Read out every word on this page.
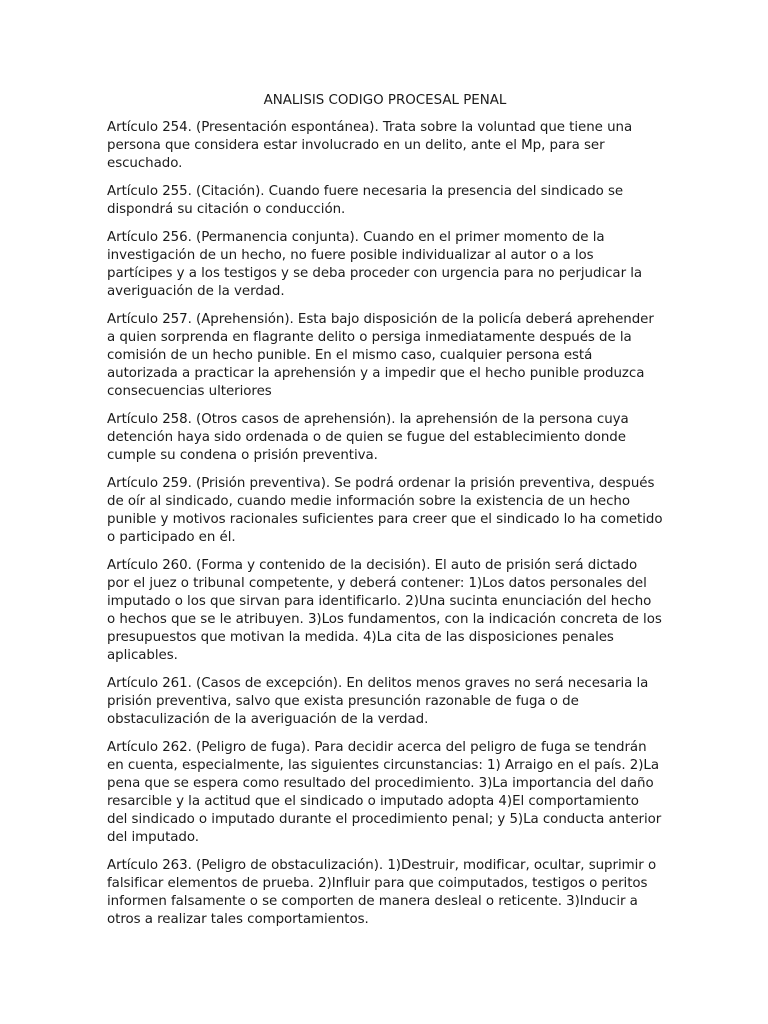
ANALISIS CODIGO PROCESAL PENAL

Artículo 254. (Presentación espontánea). Trata sobre la voluntad que tiene una persona que considera estar involucrado en un delito, ante el Mp, para ser escuchado.

Artículo 255. (Citación). Cuando fuere necesaria la presencia del sindicado se dispondrá su citación o conducción.

Artículo 256. (Permanencia conjunta). Cuando en el primer momento de la investigación de un hecho, no fuere posible individualizar al autor o a los partícipes y a los testigos y se deba proceder con urgencia para no perjudicar la averiguación de la verdad.

Artículo 257. (Aprehensión). Esta bajo disposición de la policía deberá aprehender a quien sorprenda en flagrante delito o persiga inmediatamente después de la comisión de un hecho punible. En el mismo caso, cualquier persona está autorizada a practicar la aprehensión y a impedir que el hecho punible produzca consecuencias ulteriores

Artículo 258. (Otros casos de aprehensión). la aprehensión de la persona cuya detención haya sido ordenada o de quien se fugue del establecimiento donde cumple su condena o prisión preventiva.

Artículo 259. (Prisión preventiva). Se podrá ordenar la prisión preventiva, después de oír al sindicado, cuando medie información sobre la existencia de un hecho punible y motivos racionales suficientes para creer que el sindicado lo ha cometido o participado en él.

Artículo 260. (Forma y contenido de la decisión). El auto de prisión será dictado por el juez o tribunal competente, y deberá contener: 1)Los datos personales del imputado o los que sirvan para identificarlo. 2)Una sucinta enunciación del hecho o hechos que se le atribuyen. 3)Los fundamentos, con la indicación concreta de los presupuestos que motivan la medida. 4)La cita de las disposiciones penales aplicables.

Artículo 261. (Casos de excepción). En delitos menos graves no será necesaria la prisión preventiva, salvo que exista presunción razonable de fuga o de obstaculización de la averiguación de la verdad.

Artículo 262. (Peligro de fuga). Para decidir acerca del peligro de fuga se tendrán en cuenta, especialmente, las siguientes circunstancias: 1) Arraigo en el país. 2)La pena que se espera como resultado del procedimiento. 3)La importancia del daño resarcible y la actitud que el sindicado o imputado adopta 4)El comportamiento del sindicado o imputado durante el procedimiento penal; y 5)La conducta anterior del imputado.

Artículo 263. (Peligro de obstaculización). 1)Destruir, modificar, ocultar, suprimir o falsificar elementos de prueba. 2)Influir para que coimputados, testigos o peritos informen falsamente o se comporten de manera desleal o reticente. 3)Inducir a otros a realizar tales comportamientos.
